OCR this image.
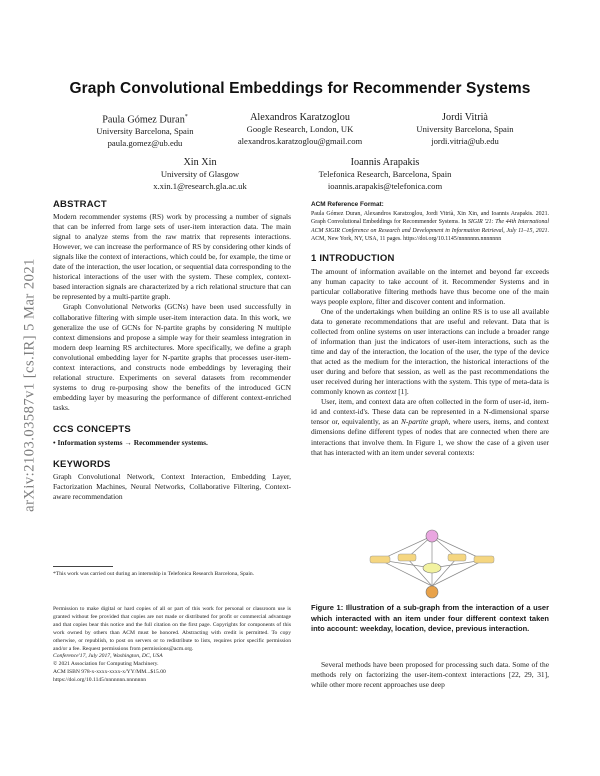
Graph Convolutional Embeddings for Recommender Systems
Paula Gómez Duran*
University Barcelona, Spain
paula.gomez@ub.edu
Alexandros Karatzoglou
Google Research, London, UK
alexandros.karatzoglou@gmail.com
Jordi Vitrià
University Barcelona, Spain
jordi.vitria@ub.edu
Xin Xin
University of Glasgow
x.xin.1@research.gla.ac.uk
Ioannis Arapakis
Telefonica Research, Barcelona, Spain
ioannis.arapakis@telefonica.com
arXiv:2103.03587v1 [cs.IR] 5 Mar 2021
ABSTRACT

Modern recommender systems (RS) work by processing a number of signals that can be inferred from large sets of user-item interaction data. The main signal to analyze stems from the raw matrix that represents interactions. However, we can increase the performance of RS by considering other kinds of signals like the context of interactions, which could be, for example, the time or date of the interaction, the user location, or sequential data corresponding to the historical interactions of the user with the system. These complex, context-based interaction signals are characterized by a rich relational structure that can be represented by a multi-partite graph.

Graph Convolutional Networks (GCNs) have been used successfully in collaborative filtering with simple user-item interaction data. In this work, we generalize the use of GCNs for N-partite graphs by considering N multiple context dimensions and propose a simple way for their seamless integration in modern deep learning RS architectures. More specifically, we define a graph convolutional embedding layer for N-partite graphs that processes user-item-context interactions, and constructs node embeddings by leveraging their relational structure. Experiments on several datasets from recommender systems to drug re-purposing show the benefits of the introduced GCN embedding layer by measuring the performance of different context-enriched tasks.

CCS CONCEPTS

• Information systems → Recommender systems.

KEYWORDS

Graph Convolutional Network, Context Interaction, Embedding Layer, Factorization Machines, Neural Networks, Collaborative Filtering, Context-aware recommendation

*This work was carried out during an internship in Telefonica Research Barcelona, Spain.
Permission to make digital or hard copies of all or part of this work for personal or classroom use is granted without fee provided that copies are not made or distributed for profit or commercial advantage and that copies bear this notice and the full citation on the first page. Copyrights for components of this work owned by others than ACM must be honored. Abstracting with credit is permitted. To copy otherwise, or republish, to post on servers or to redistribute to lists, requires prior specific permission and/or a fee. Request permissions from permissions@acm.org.
Conference'17, July 2017, Washington, DC, USA
© 2021 Association for Computing Machinery.
ACM ISBN 978-x-xxxx-xxxx-x/YY/MM...$15.00
https://doi.org/10.1145/nnnnnnn.nnnnnnn
ACM Reference Format:
Paula Gómez Duran, Alexandros Karatzoglou, Jordi Vitrià, Xin Xin, and Ioannis Arapakis. 2021. Graph Convolutional Embeddings for Recommender Systems. In SIGIR '21: The 44th International ACM SIGIR Conference on Research and Development in Information Retrieval, July 11–15, 2021. ACM, New York, NY, USA, 11 pages. https://doi.org/10.1145/nnnnnnn.nnnnnnn
1 INTRODUCTION

The amount of information available on the internet and beyond far exceeds any human capacity to take account of it. Recommender Systems and in particular collaborative filtering methods have thus become one of the main ways people explore, filter and discover content and information.

One of the undertakings when building an online RS is to use all available data to generate recommendations that are useful and relevant. Data that is collected from online systems on user interactions can include a broader range of information than just the indicators of user-item interactions, such as the time and day of the interaction, the location of the user, the type of the device that acted as the medium for the interaction, the historical interactions of the user during and before that session, as well as the past recommendations the user received during her interactions with the system. This type of meta-data is commonly known as context [1].

User, item, and context data are often collected in the form of user-id, item-id and context-id's. These data can be represented in a N-dimensional sparse tensor or, equivalently, as an N-partite graph, where users, items, and context dimensions define different types of nodes that are connected when there are interactions that involve them. In Figure 1, we show the case of a given user that has interacted with an item under several contexts:

Figure 1: Illustration of a sub-graph from the interaction of a user which interacted with an item under four different context taken into account: weekday, location, device, previous interaction.

Several methods have been proposed for processing such data. Some of the methods rely on factorizing the user-item-context interactions [22, 29, 31], while other more recent approaches use deep
